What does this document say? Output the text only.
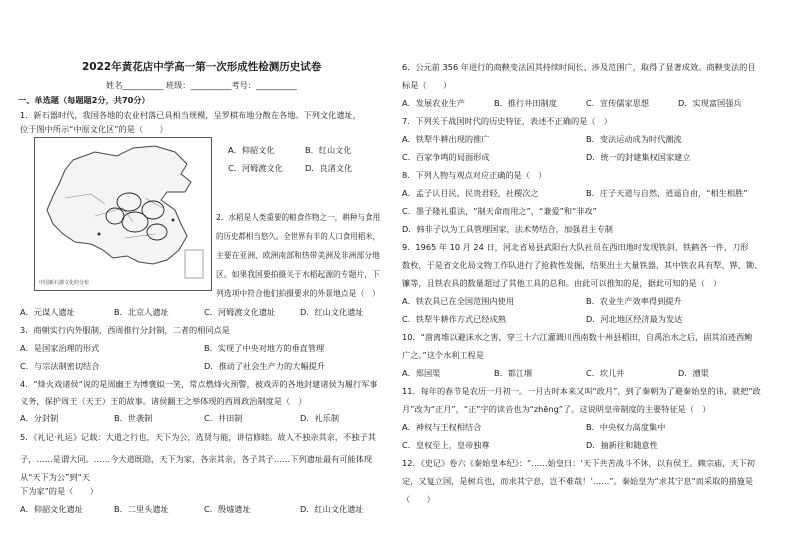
2022年黄花店中学高一第一次形成性检测历史试卷
姓名__________ 班级：__________考号：__________
一、单选题（每题题2分，共70分）
1．新石器时代，我国各地的农业村落已具相当规模，呈罗棋布地分散在各地。下列文化遗址，
位于图中所示“中原文化区”的是（　　）
中国新石器文化的分布
A．仰韶文化	B．红山文化
C．河姆渡文化	D．良渚文化
2．水稻是人类重要的粮食作物之一，耕种与食用
的历史都相当悠久。全世界有半的人口食用稻米，
主要在亚洲、欧洲南部和热带美洲及非洲部分地
区。如果我国要拍摄关于水稻起源的专题片，下
列选项中符合他们拍摄要求的外景地点是（　）
A．元谋人遗址	B．北京人遗址	C．河姆渡文化遗址	D．红山文化遗址
3．商朝实行内外服制，西周推行分封制，二者的相同点是
A．是国家治理的形式	B．实现了中央对地方的垂直管理
C．与宗法制密切结合	D．推动了社会生产力的大幅提升
4．“烽火戏诸侯”说的是周幽王为博褒姒一笑，常点燃烽火预警，被戏弄的各地封建诸侯为履行军事
义务，保护周王（天王）王的故事。诸侯翻王之举体现的西周政治制度是（　）
A．分封制	B．世袭制	C．井田制	D．礼乐制
5．《礼记·礼运》记载：大道之行也，天下为公，选贤与能，讲信修睦。故人不独亲其亲，不独子其
子，……是谓大同。……今大道既隐，天下为家，各亲其亲，各子其子……下列遗址最有可能体现从“天下为公”到“天
下为家”的是（　　）
A．仰韶文化遗址	B．二里头遗址	C．殷墟遗址	D．红山文化遗址
6．公元前 356 年进行的商鞅变法因其持续时间长、涉及范围广，取得了显著成效。商鞅变法的目
标是（　　）
A．发展农业生产	B．推行井田制度	C．宣传儒家思想	D．实现富国强兵
7．下列关于战国时代的历史特征，表述不正确的是（　）
A．铁犁牛耕出现的推广	B．变法运动成为时代潮流
C．百家争鸣的局面形成	D．统一的封建集权国家建立
8．下列人物与观点对应正确的是（　）
A．孟子认目民，民贵君轻，社稷次之	B．庄子天道与自然，逍遥自由，“相生相胜”
C．墨子隆礼重法，“制天命而用之”，“兼爱”和“非攻”
D．韩非子以为工具管理国家，法术势结合，加强君主专制
9．1965 年 10 月 24 日，河北省易县武阳台大队社员在西田地时发现铁斜、铁鹤各一件，刀形
数枚，于是省文化局文物工作队进行了抢救性发掘，结果出土大量铁器，其中铁农具有犁、铧、锄、
镰等，且铁农具的数量超过了其他工具的总和。由此可以推知的是，据此可知的是（　）
A．铁农具已在全国范围内使用	B．农业生产效率得到提升
C．铁犁牛耕作方式已经成熟	D．河北地区经济最为发达
10．“凿离堆以避沫水之害，穿三十六江灌溉川西南数十州县稻田，自禹治水之后，固其泊迹西鲍
广之。”这个水利工程是
A．郑国渠	B．都江堰	C．坎儿井	D．漕渠
11．每年的春节是农历一月初一。一月古时本来又叫“政月”，到了秦朝为了避秦始皇的讳，就把“政
月”改为“正月”，“正”字的读音也为“zhēng”了。这说明皇帝制度的主要特征是（　）
A．神权与王权相结合	B．中央权力高度集中
C．皇权至上，皇帝独尊	D．抽新往和随意性
12．《史记》卷六《秦始皇本纪》：“……始皇曰：‘天下共苦战斗不休，以有侯王。赖宗庙，天下初
定，又复立国，是树兵也，而求其宁息，岂不难哉！’……”。秦始皇为“求其宁息”而采取的措施是
（　　）
